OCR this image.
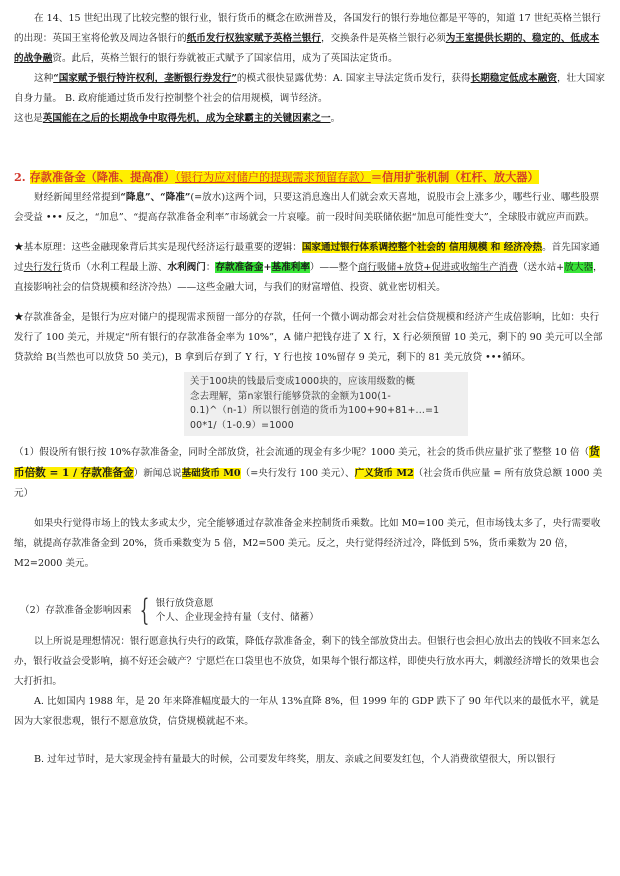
在 14、15 世纪出现了比较完整的银行业，银行货币的概念在欧洲普及，各国发行的银行券地位都是平等的，知道 17 世纪英格兰银行的出现：英国王室将伦敦及周边各银行的纸币发行权独家赋予英格兰银行，交换条件是英格兰银行必须为王室提供长期的、稳定的、低成本的战争融资。此后，英格兰银行的银行券就被正式赋予了国家信用，成为了英国法定货币。

这种“国家赋予银行特许权利，垄断银行券发行”的模式很快显露优势：A. 国家主导法定货币发行，获得长期稳定低成本融资，壮大国家自身力量。 B. 政府能通过货币发行控制整个社会的信用规模，调节经济。

这也是英国能在之后的长期战争中取得先机，成为全球霸主的关键因素之一。

2. 存款准备金（降准、提高准）（银行为应对储户的提现需求预留存款）＝信用扩张机制（杠杆、放大器）

财经新闻里经常提到“降息”、“降准”(=放水)这两个词，只要这消息逸出人们就会欢天喜地，说股市会上涨多少，哪些行业、哪些股票会受益 ••• 反之，“加息”、“提高存款准备金利率”市场就会一片哀嚎。前一段时间美联储依据“加息可能性变大”，全球股市就应声而跌。

★基本原理：这些金融现象背后其实是现代经济运行最重要的逻辑：国家通过银行体系调控整个社会的 信用规模 和 经济冷热。首先国家通过央行发行货币（水利工程最上游、水利阀门：存款准备金+基准利率）——整个商行吸储+放贷+促进或收缩生产消费（送水站+放大器，直接影响社会的信贷规模和经济冷热）——这些金融大词，与我们的财富增值、投资、就业密切相关。

★存款准备金，是银行为应对储户的提现需求预留一部分的存款，任何一个微小调动都会对社会信贷规模和经济产生成倍影响，比如：央行发行了 100 美元，并规定“所有银行的存款准备金率为 10%”，A 储户把钱存进了 X 行，X 行必须预留 10 美元，剩下的 90 美元可以全部贷款给 B(当然也可以放贷 50 美元)，B 拿到后存到了 Y 行，Y 行也按 10%留存 9 美元，剩下的 81 美元放贷 •••循环。

关于100块的钱最后变成1000块的，应该用级数的概
念去理解，第n家银行能够贷款的金额为100(1-
0.1)^（n-1）所以银行创造的货币为100+90+81+...=1
00*1/（1-0.9）=1000

（1）假设所有银行按 10%存款准备金，同时全部放贷，社会流通的现金有多少呢？1000 美元，社会的货币供应量扩张了整整 10 倍（货币倍数 = 1 / 存款准备金）新闻总说基础货币 M0（=央行发行 100 美元）、广义货币 M2（社会货币供应量 = 所有放贷总额 1000 美元）

如果央行觉得市场上的钱太多或太少，完全能够通过存款准备金来控制货币乘数。比如 M0=100 美元，但市场钱太多了，央行需要收缩，就提高存款准备金到 20%，货币乘数变为 5 倍，M2=500 美元。反之，央行觉得经济过冷，降低到 5%，货币乘数为 20 倍，M2=2000 美元。

（2）存款准备金影响因素 { 银行放贷意愿
个人、企业现金持有量（支付、储蓄）

以上所说是理想情况：银行愿意执行央行的政策，降低存款准备金，剩下的钱全部放贷出去。但银行也会担心放出去的钱收不回来怎么办，银行收益会受影响，搞不好还会破产？宁愿烂在口袋里也不放贷，如果每个银行都这样，即使央行放水再大，刺激经济增长的效果也会大打折扣。

A. 比如国内 1988 年，是 20 年来降准幅度最大的一年从 13%直降 8%，但 1999 年的 GDP 跌下了 90 年代以来的最低水平，就是因为大家很悲观，银行不愿意放贷，信贷规模就起不来。

B. 过年过节时，是大家现金持有量最大的时候，公司要发年终奖，朋友、亲戚之间要发红包，个人消费欲望很大，所以银行
